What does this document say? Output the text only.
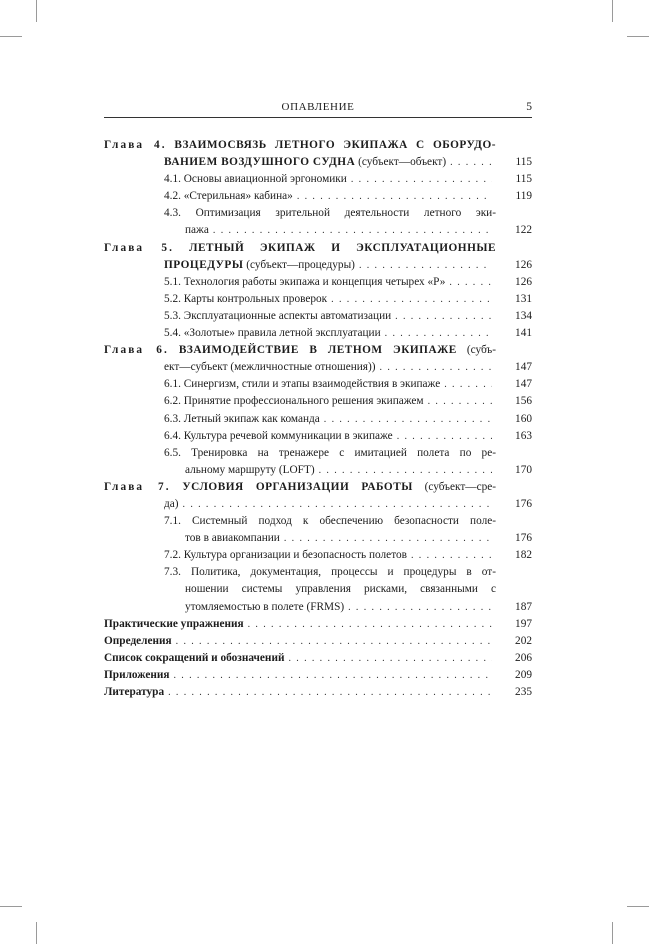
ОПАВЛЕНИЕ	5
Глава 4. ВЗАИМОСВЯЗЬ ЛЕТНОГО ЭКИПАЖА С ОБОРУДО-
ВАНИЕМ ВОЗДУШНОГО СУДНА (субъект—объект) . . .	115
4.1. Основы авиационной эргономики . . .	115
4.2. «Стерильная» кабина» . . .	119
4.3. Оптимизация зрительной деятельности летного эки-
пажа . . .	122
Глава 5. ЛЕТНЫЙ ЭКИПАЖ И ЭКСПЛУАТАЦИОННЫЕ
ПРОЦЕДУРЫ (субъект—процедуры) . . .	126
5.1. Технология работы экипажа и концепция четырех «Р» . . .	126
5.2. Карты контрольных проверок . . .	131
5.3. Эксплуатационные аспекты автоматизации . . .	134
5.4. «Золотые» правила летной эксплуатации . . .	141
Глава 6. ВЗАИМОДЕЙСТВИЕ В ЛЕТНОМ ЭКИПАЖЕ (субъ-
ект—субъект (межличностные отношения)) . . .	147
6.1. Синергизм, стили и этапы взаимодействия в экипаже . . .	147
6.2. Принятие профессионального решения экипажем . . .	156
6.3. Летный экипаж как команда . . .	160
6.4. Культура речевой коммуникации в экипаже . . .	163
6.5. Тренировка на тренажере с имитацией полета по ре-
альному маршруту (LOFT) . . .	170
Глава 7. УСЛОВИЯ ОРГАНИЗАЦИИ РАБОТЫ (субъект—сре-
да) . . .	176
7.1. Системный подход к обеспечению безопасности поле-
тов в авиакомпании . . .	176
7.2. Культура организации и безопасность полетов . . .	182
7.3. Политика, документация, процессы и процедуры в от-
ношении системы управления рисками, связанными с
утомляемостью в полете (FRMS) . . .	187
Практические упражнения . . .	197
Определения . . .	202
Список сокращений и обозначений . . .	206
Приложения . . .	209
Литература . . .	235
